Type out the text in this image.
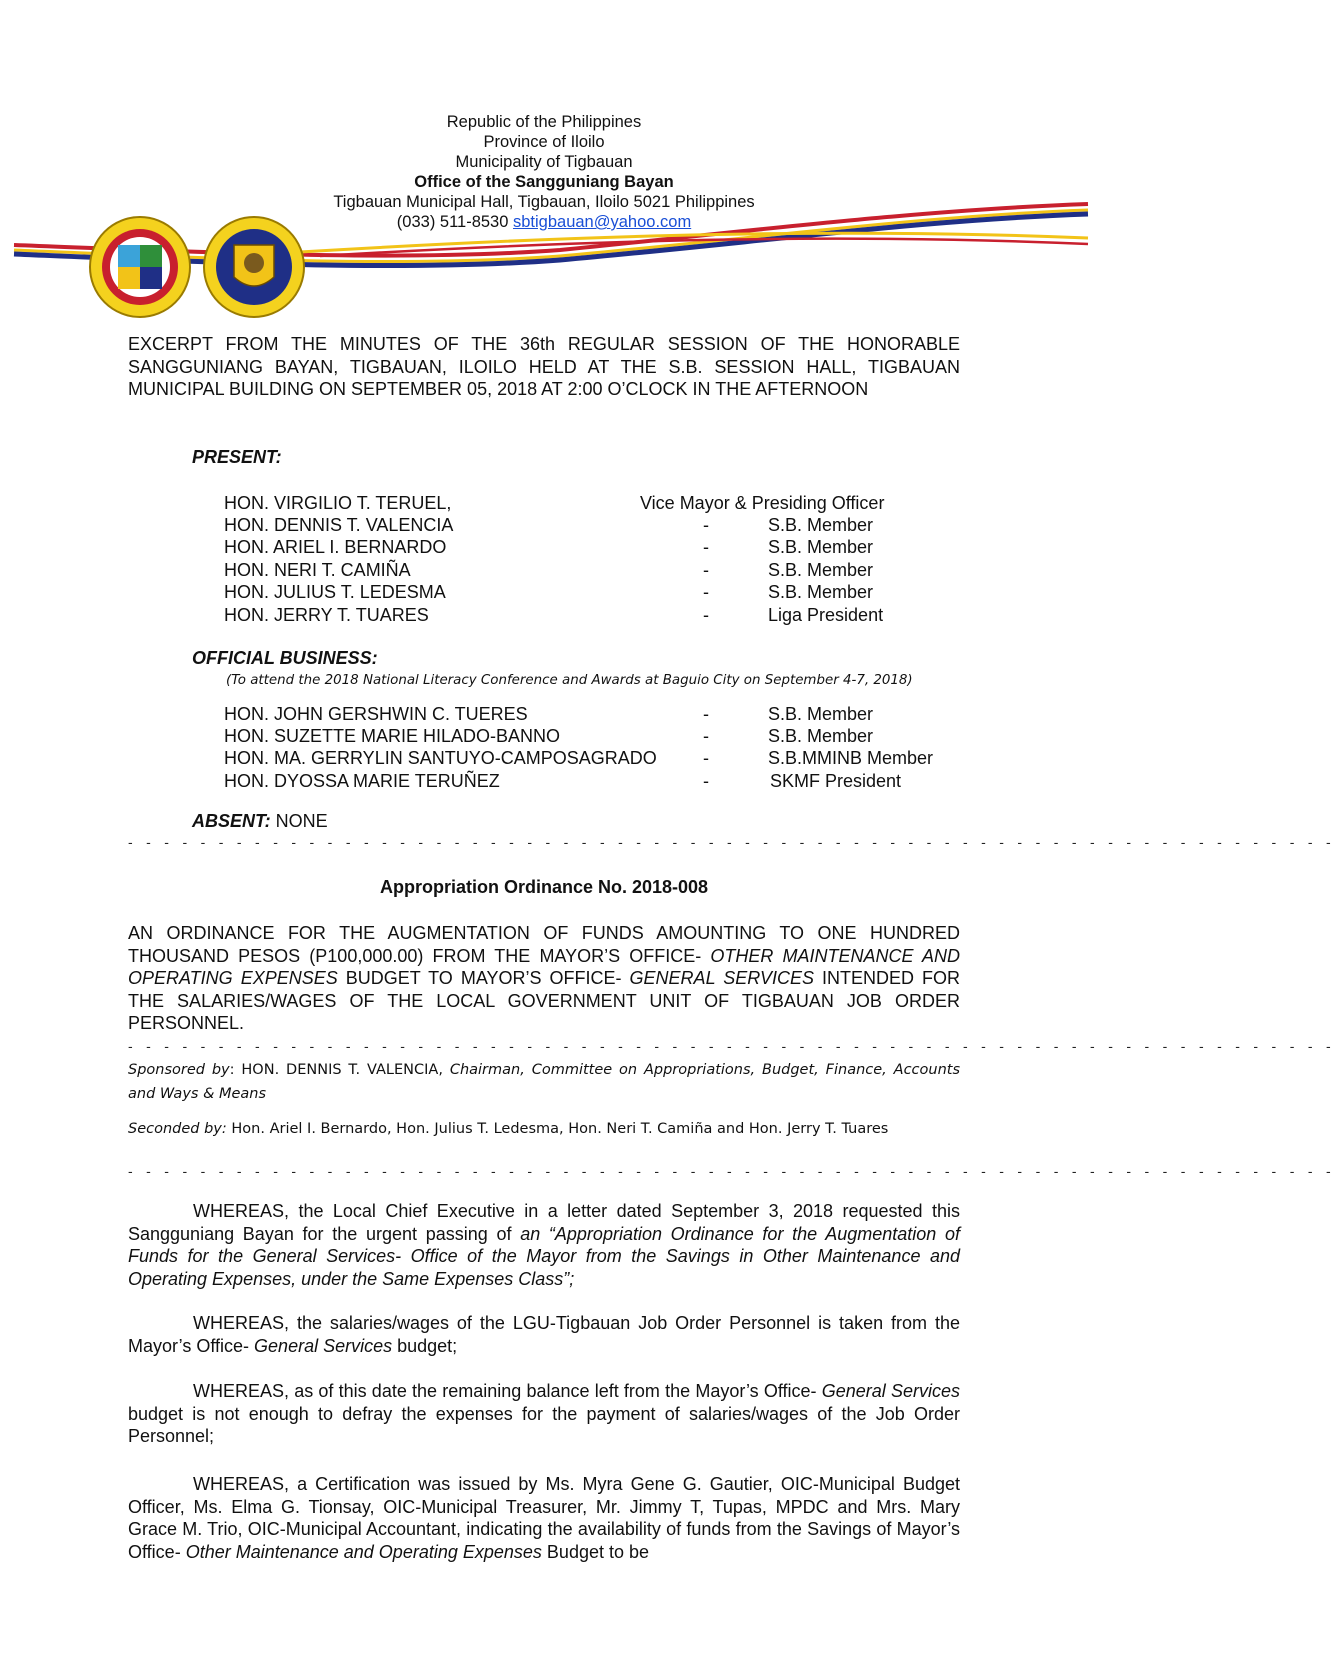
Republic of the Philippines
Province of Iloilo
Municipality of Tigbauan
Office of the Sangguniang Bayan
Tigbauan Municipal Hall, Tigbauan, Iloilo 5021 Philippines
(033) 511-8530 sbtigbauan@yahoo.com
EXCERPT FROM THE MINUTES OF THE 36th REGULAR SESSION OF THE HONORABLE SANGGUNIANG BAYAN, TIGBAUAN, ILOILO HELD AT THE S.B. SESSION HALL, TIGBAUAN MUNICIPAL BUILDING ON SEPTEMBER 05, 2018 AT 2:00 O’CLOCK IN THE AFTERNOON
PRESENT:
HON. VIRGILIO T. TERUEL,	Vice Mayor & Presiding Officer
HON. DENNIS T. VALENCIA	-	S.B. Member
HON. ARIEL I. BERNARDO	-	S.B. Member
HON. NERI T. CAMIÑA	-	S.B. Member
HON. JULIUS T. LEDESMA	-	S.B. Member
HON. JERRY T. TUARES	-	Liga President
OFFICIAL BUSINESS:
(To attend the 2018 National Literacy Conference and Awards at Baguio City on September 4-7, 2018)
HON. JOHN GERSHWIN C. TUERES	-	S.B. Member
HON. SUZETTE MARIE HILADO-BANNO	-	S.B. Member
HON. MA. GERRYLIN SANTUYO-CAMPOSAGRADO	-	S.B.MMINB Member
HON. DYOSSA MARIE TERUÑEZ	-	SKMF President
ABSENT: NONE
- - - - - - - - - - - - - - - - - - - - - - - - - - - - - - - - - - - - - - - - - - - - - - - - - - - - - - - - - - - - - - - - - - -
Appropriation Ordinance No. 2018-008
AN ORDINANCE FOR THE AUGMENTATION OF FUNDS AMOUNTING TO ONE HUNDRED THOUSAND PESOS (P100,000.00) FROM THE MAYOR’S OFFICE- OTHER MAINTENANCE AND OPERATING EXPENSES BUDGET TO MAYOR’S OFFICE- GENERAL SERVICES INTENDED FOR THE SALARIES/WAGES OF THE LOCAL GOVERNMENT UNIT OF TIGBAUAN JOB ORDER PERSONNEL.
- - - - - - - - - - - - - - - - - - - - - - - - - - - - - - - - - - - - - - - - - - - - - - - - - - - - - - - - - - - - - - - - - - -
Sponsored by: HON. DENNIS T. VALENCIA, Chairman, Committee on Appropriations, Budget, Finance, Accounts and Ways & Means
Seconded by: Hon. Ariel I. Bernardo, Hon. Julius T. Ledesma, Hon. Neri T. Camiña and Hon. Jerry T. Tuares
- - - - - - - - - - - - - - - - - - - - - - - - - - - - - - - - - - - - - - - - - - - - - - - - - - - - - - - - - - - - - - - - - - -
WHEREAS, the Local Chief Executive in a letter dated September 3, 2018 requested this Sangguniang Bayan for the urgent passing of an “Appropriation Ordinance for the Augmentation of Funds for the General Services- Office of the Mayor from the Savings in Other Maintenance and Operating Expenses, under the Same Expenses Class”;
WHEREAS, the salaries/wages of the LGU-Tigbauan Job Order Personnel is taken from the Mayor’s Office- General Services budget;
WHEREAS, as of this date the remaining balance left from the Mayor’s Office- General Services budget is not enough to defray the expenses for the payment of salaries/wages of the Job Order Personnel;
WHEREAS, a Certification was issued by Ms. Myra Gene G. Gautier, OIC-Municipal Budget Officer, Ms. Elma G. Tionsay, OIC-Municipal Treasurer, Mr. Jimmy T, Tupas, MPDC and Mrs. Mary Grace M. Trio, OIC-Municipal Accountant, indicating the availability of funds from the Savings of Mayor’s Office- Other Maintenance and Operating Expenses Budget to be
